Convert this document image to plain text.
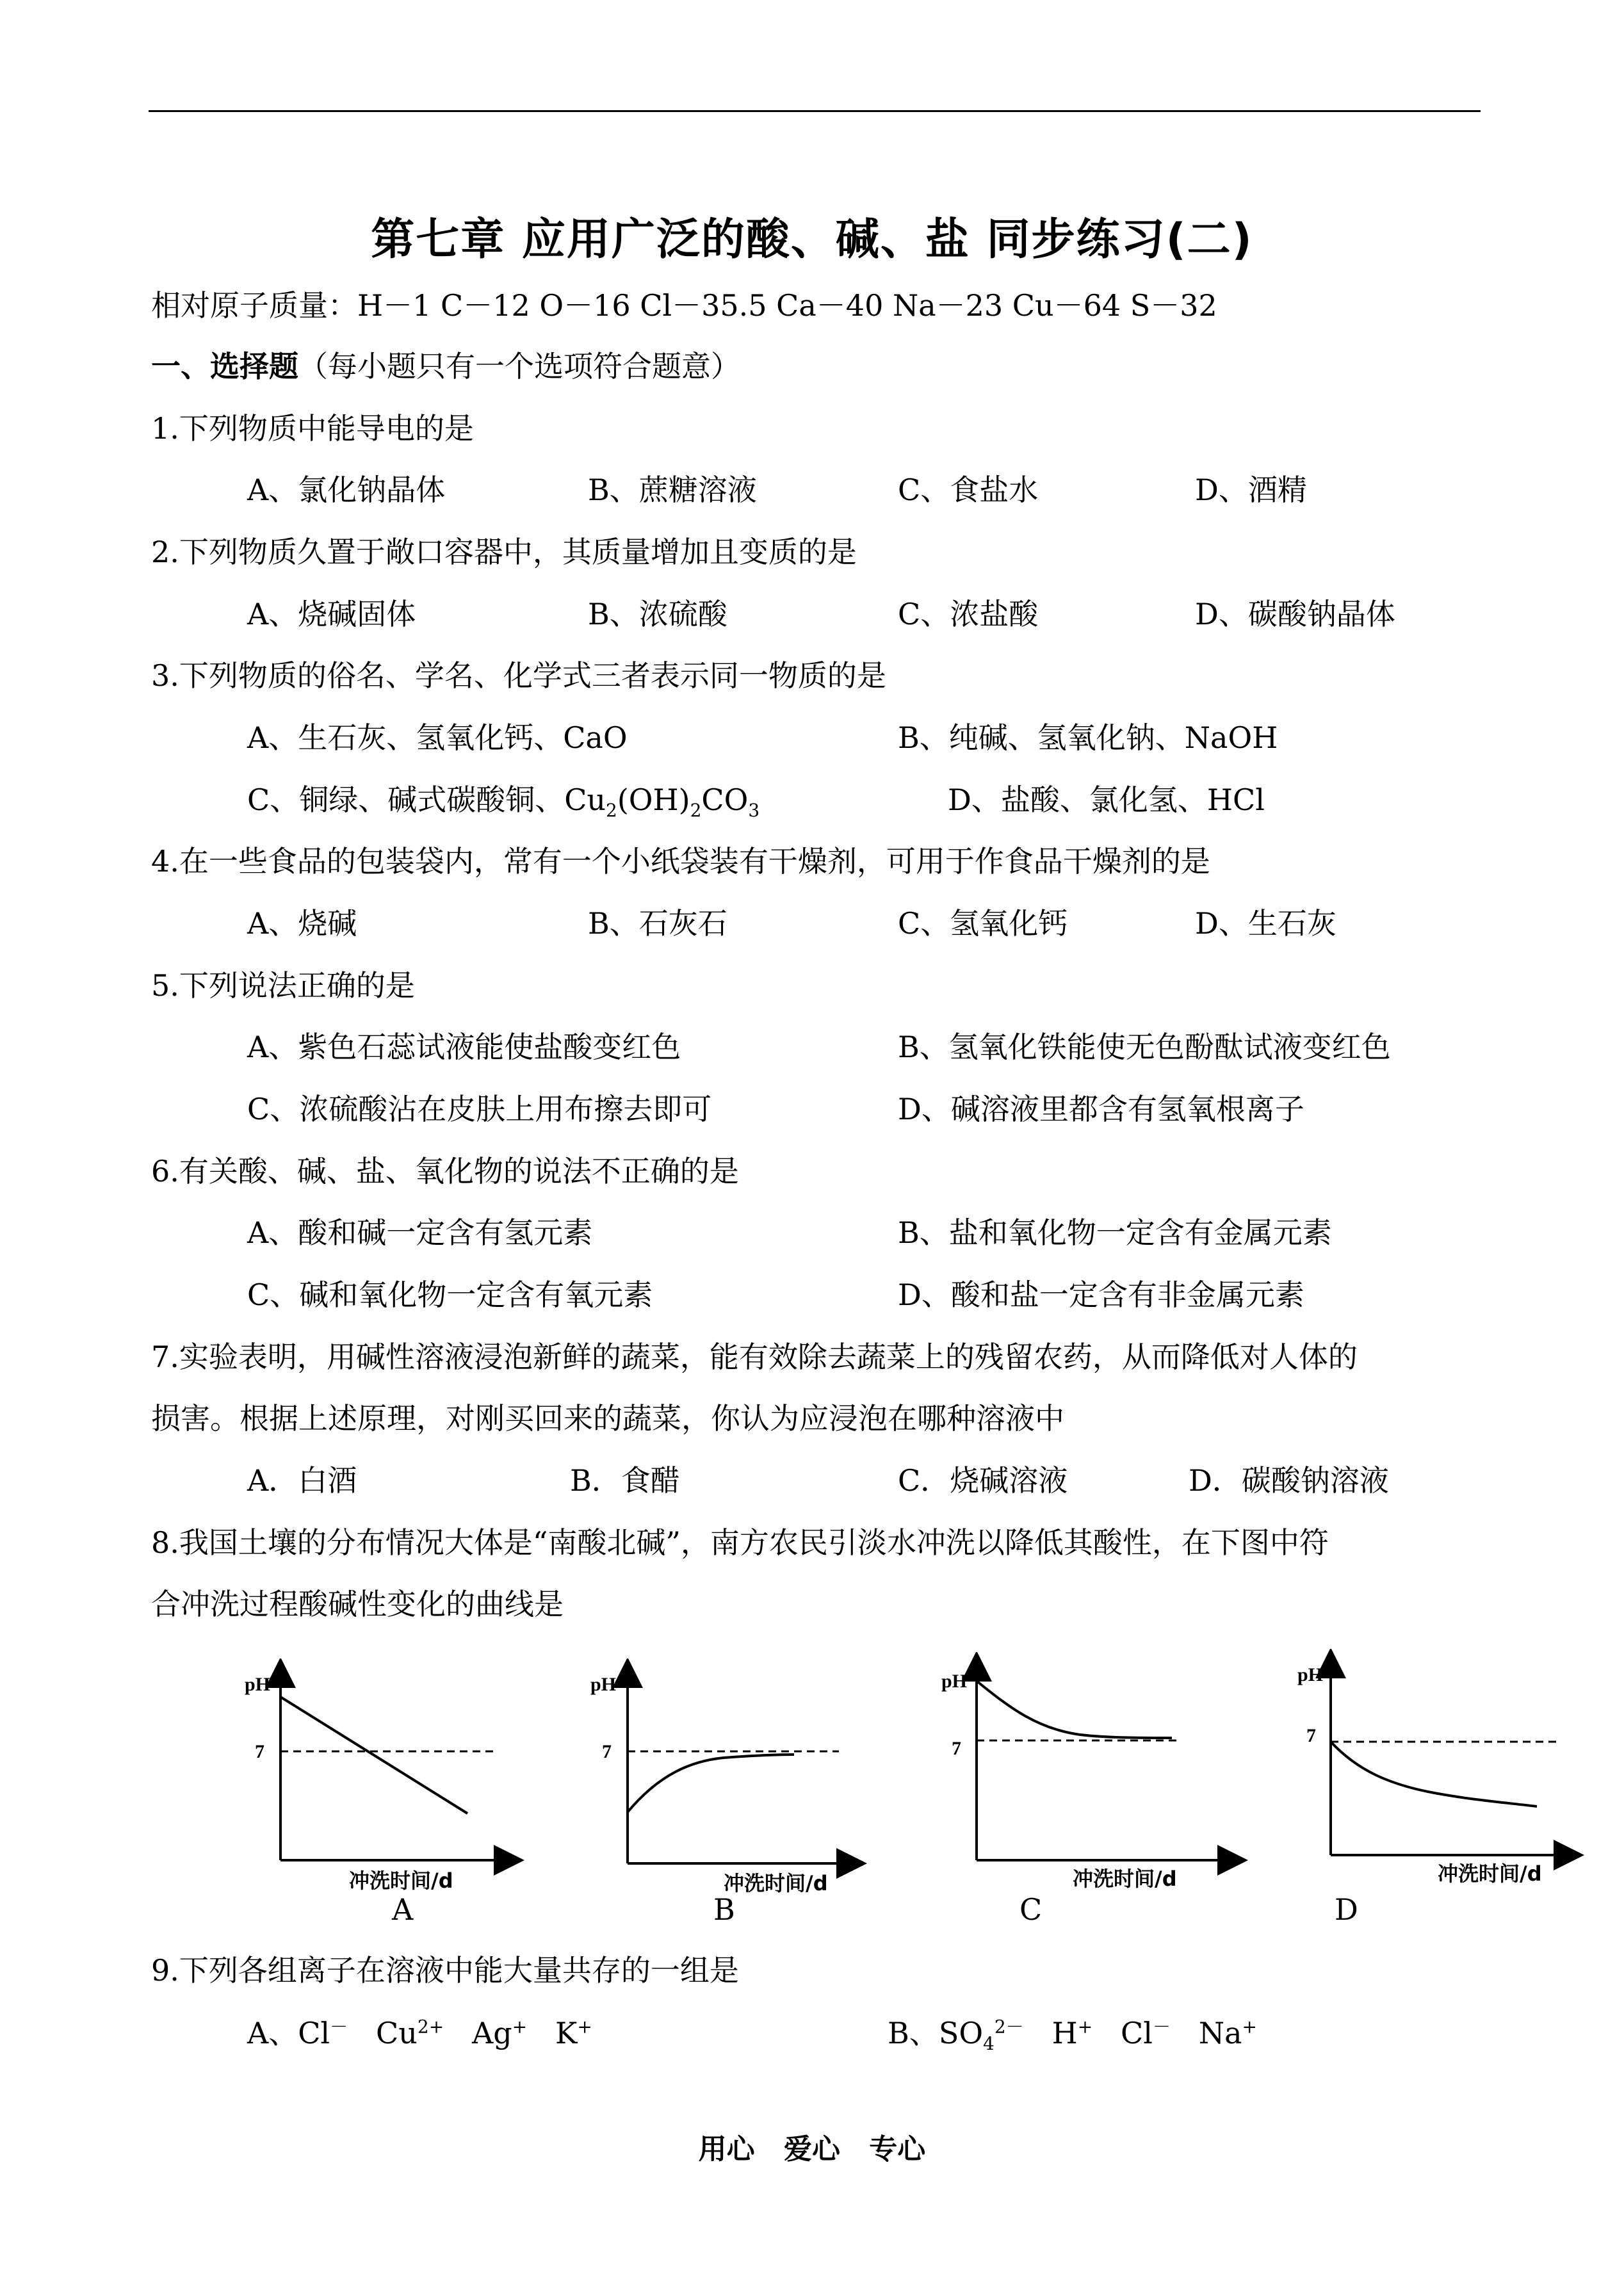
第七章 应用广泛的酸、碱、盐 同步练习(二)
相对原子质量：H－1 C－12 O－16 Cl－35.5 Ca－40 Na－23 Cu－64 S－32
一、选择题（每小题只有一个选项符合题意）
1.下列物质中能导电的是
A、氯化钠晶体	B、蔗糖溶液	C、食盐水	D、酒精
2.下列物质久置于敞口容器中，其质量增加且变质的是
A、烧碱固体	B、浓硫酸	C、浓盐酸	D、碳酸钠晶体
3.下列物质的俗名、学名、化学式三者表示同一物质的是
A、生石灰、氢氧化钙、CaO	B、纯碱、氢氧化钠、NaOH
C、铜绿、碱式碳酸铜、$Cu_2(OH)_2CO_3$	D、盐酸、氯化氢、HCl
4.在一些食品的包装袋内，常有一个小纸袋装有干燥剂，可用于作食品干燥剂的是
A、烧碱	B、石灰石	C、氢氧化钙	D、生石灰
5.下列说法正确的是
A、紫色石蕊试液能使盐酸变红色	B、氢氧化铁能使无色酚酞试液变红色
C、浓硫酸沾在皮肤上用布擦去即可	D、碱溶液里都含有氢氧根离子
6.有关酸、碱、盐、氧化物的说法不正确的是
A、酸和碱一定含有氢元素	B、盐和氧化物一定含有金属元素
C、碱和氧化物一定含有氧元素	D、酸和盐一定含有非金属元素
7.实验表明，用碱性溶液浸泡新鲜的蔬菜，能有效除去蔬菜上的残留农药，从而降低对人体的
损害。根据上述原理，对刚买回来的蔬菜，你认为应浸泡在哪种溶液中
A．白酒	B．食醋	C．烧碱溶液	D．碳酸钠溶液
8.我国土壤的分布情况大体是“南酸北碱”，南方农民引淡水冲洗以降低其酸性，在下图中符
合冲洗过程酸碱性变化的曲线是
pH
7
冲洗时间/d
A
pH
7
冲洗时间/d
B
pH
7
冲洗时间/d
C
pH
7
冲洗时间/d
D
9.下列各组离子在溶液中能大量共存的一组是
A、Cl－ $Cu^{2+}$ Ag+ K+	B、$SO_4^{2-}$ H+ Cl－ Na+
用心 爱心 专心
